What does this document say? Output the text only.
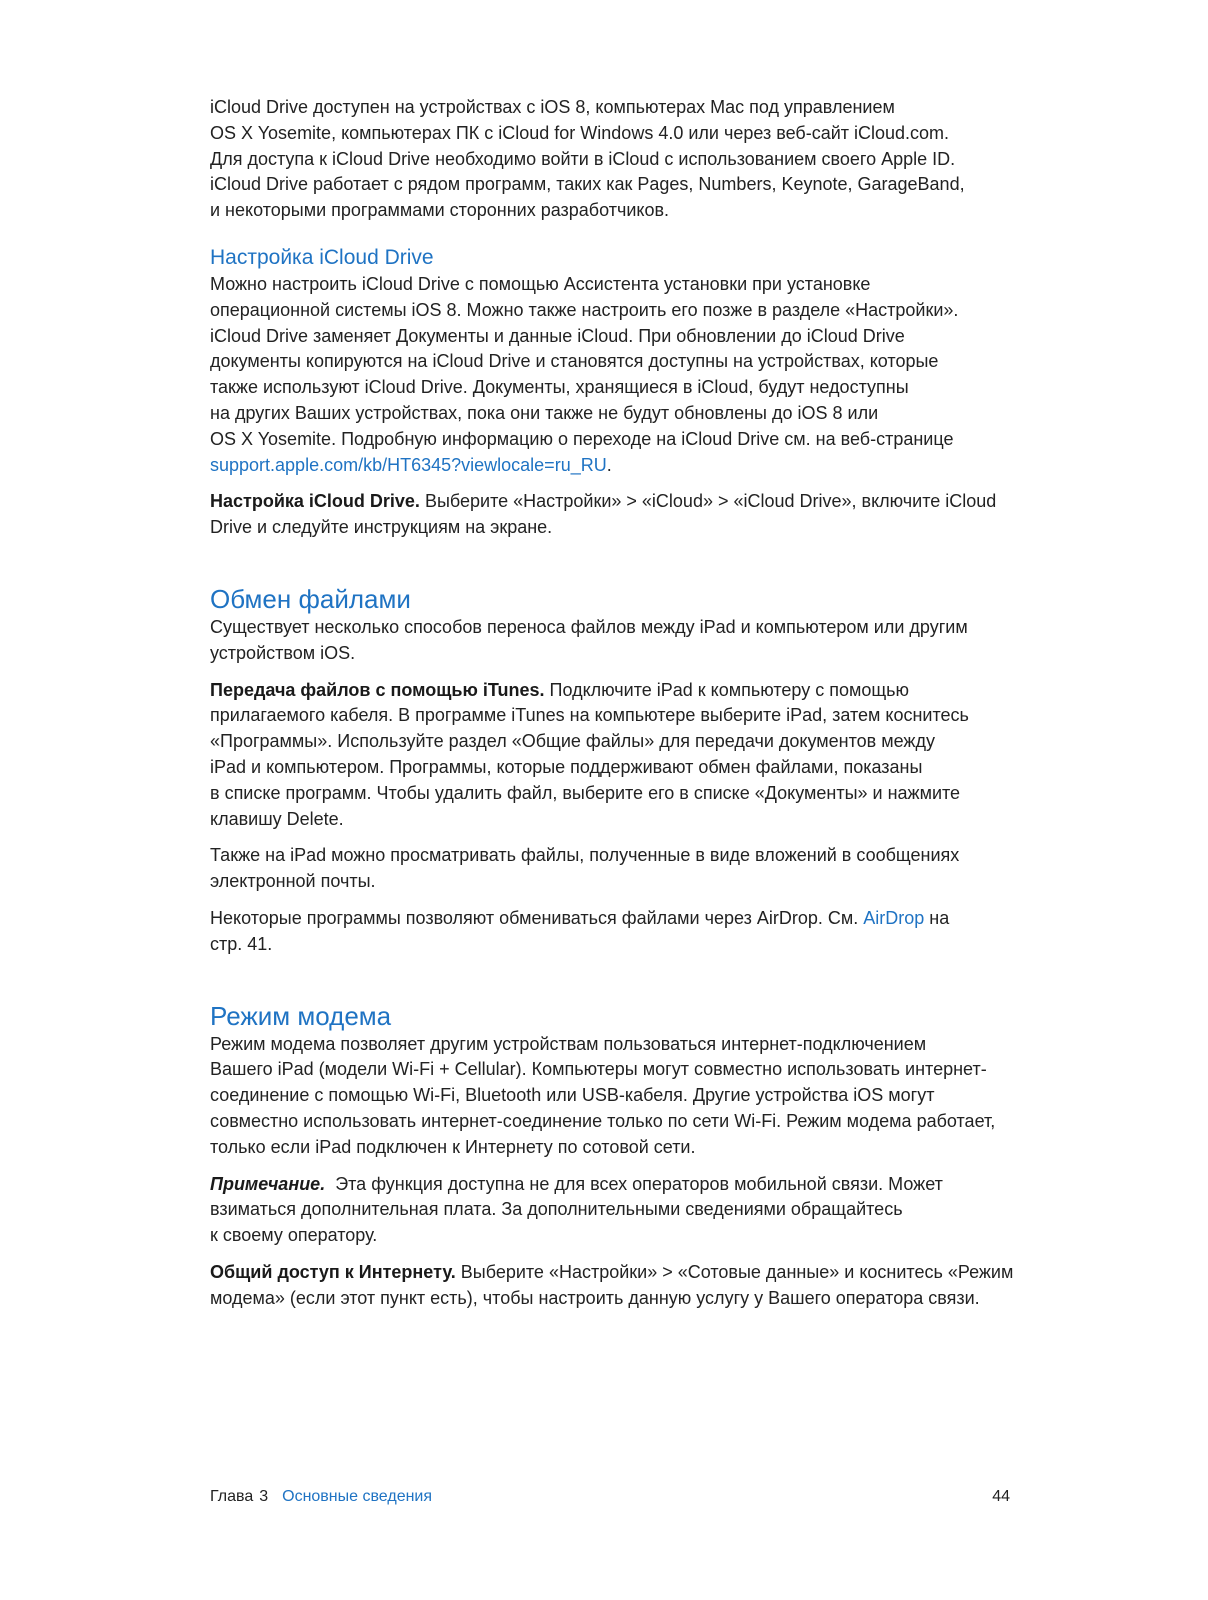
iCloud Drive доступен на устройствах с iOS 8, компьютерах Mac под управлением
OS X Yosemite, компьютерах ПК с iCloud for Windows 4.0 или через веб-сайт iCloud.com.
Для доступа к iCloud Drive необходимо войти в iCloud с использованием своего Apple ID.
iCloud Drive работает с рядом программ, таких как Pages, Numbers, Keynote, GarageBand,
и некоторыми программами сторонних разработчиков.

Настройка iCloud Drive

Можно настроить iCloud Drive с помощью Ассистента установки при установке
операционной системы iOS 8. Можно также настроить его позже в разделе «Настройки».
iCloud Drive заменяет Документы и данные iCloud. При обновлении до iCloud Drive
документы копируются на iCloud Drive и становятся доступны на устройствах, которые
также используют iCloud Drive. Документы, хранящиеся в iCloud, будут недоступны
на других Ваших устройствах, пока они также не будут обновлены до iOS 8 или
OS X Yosemite. Подробную информацию о переходе на iCloud Drive см. на веб-странице
support.apple.com/kb/HT6345?viewlocale=ru_RU.

Настройка iCloud Drive. Выберите «Настройки» > «iCloud» > «iCloud Drive», включите iCloud
Drive и следуйте инструкциям на экране.

Обмен файлами

Существует несколько способов переноса файлов между iPad и компьютером или другим
устройством iOS.

Передача файлов с помощью iTunes. Подключите iPad к компьютеру с помощью
прилагаемого кабеля. В программе iTunes на компьютере выберите iPad, затем коснитесь
«Программы». Используйте раздел «Общие файлы» для передачи документов между
iPad и компьютером. Программы, которые поддерживают обмен файлами, показаны
в списке программ. Чтобы удалить файл, выберите его в списке «Документы» и нажмите
клавишу Delete.

Также на iPad можно просматривать файлы, полученные в виде вложений в сообщениях
электронной почты.

Некоторые программы позволяют обмениваться файлами через AirDrop. См. AirDrop на
стр. 41.

Режим модема

Режим модема позволяет другим устройствам пользоваться интернет-подключением
Вашего iPad (модели Wi-Fi + Cellular). Компьютеры могут совместно использовать интернет-
соединение с помощью Wi-Fi, Bluetooth или USB-кабеля. Другие устройства iOS могут
совместно использовать интернет-соединение только по сети Wi-Fi. Режим модема работает,
только если iPad подключен к Интернету по сотовой сети.

Примечание.  Эта функция доступна не для всех операторов мобильной связи. Может
взиматься дополнительная плата. За дополнительными сведениями обращайтесь
к своему оператору.

Общий доступ к Интернету. Выберите «Настройки» > «Сотовые данные» и коснитесь «Режим
модема» (если этот пункт есть), чтобы настроить данную услугу у Вашего оператора связи.

Глава 3 Основные сведения	44
